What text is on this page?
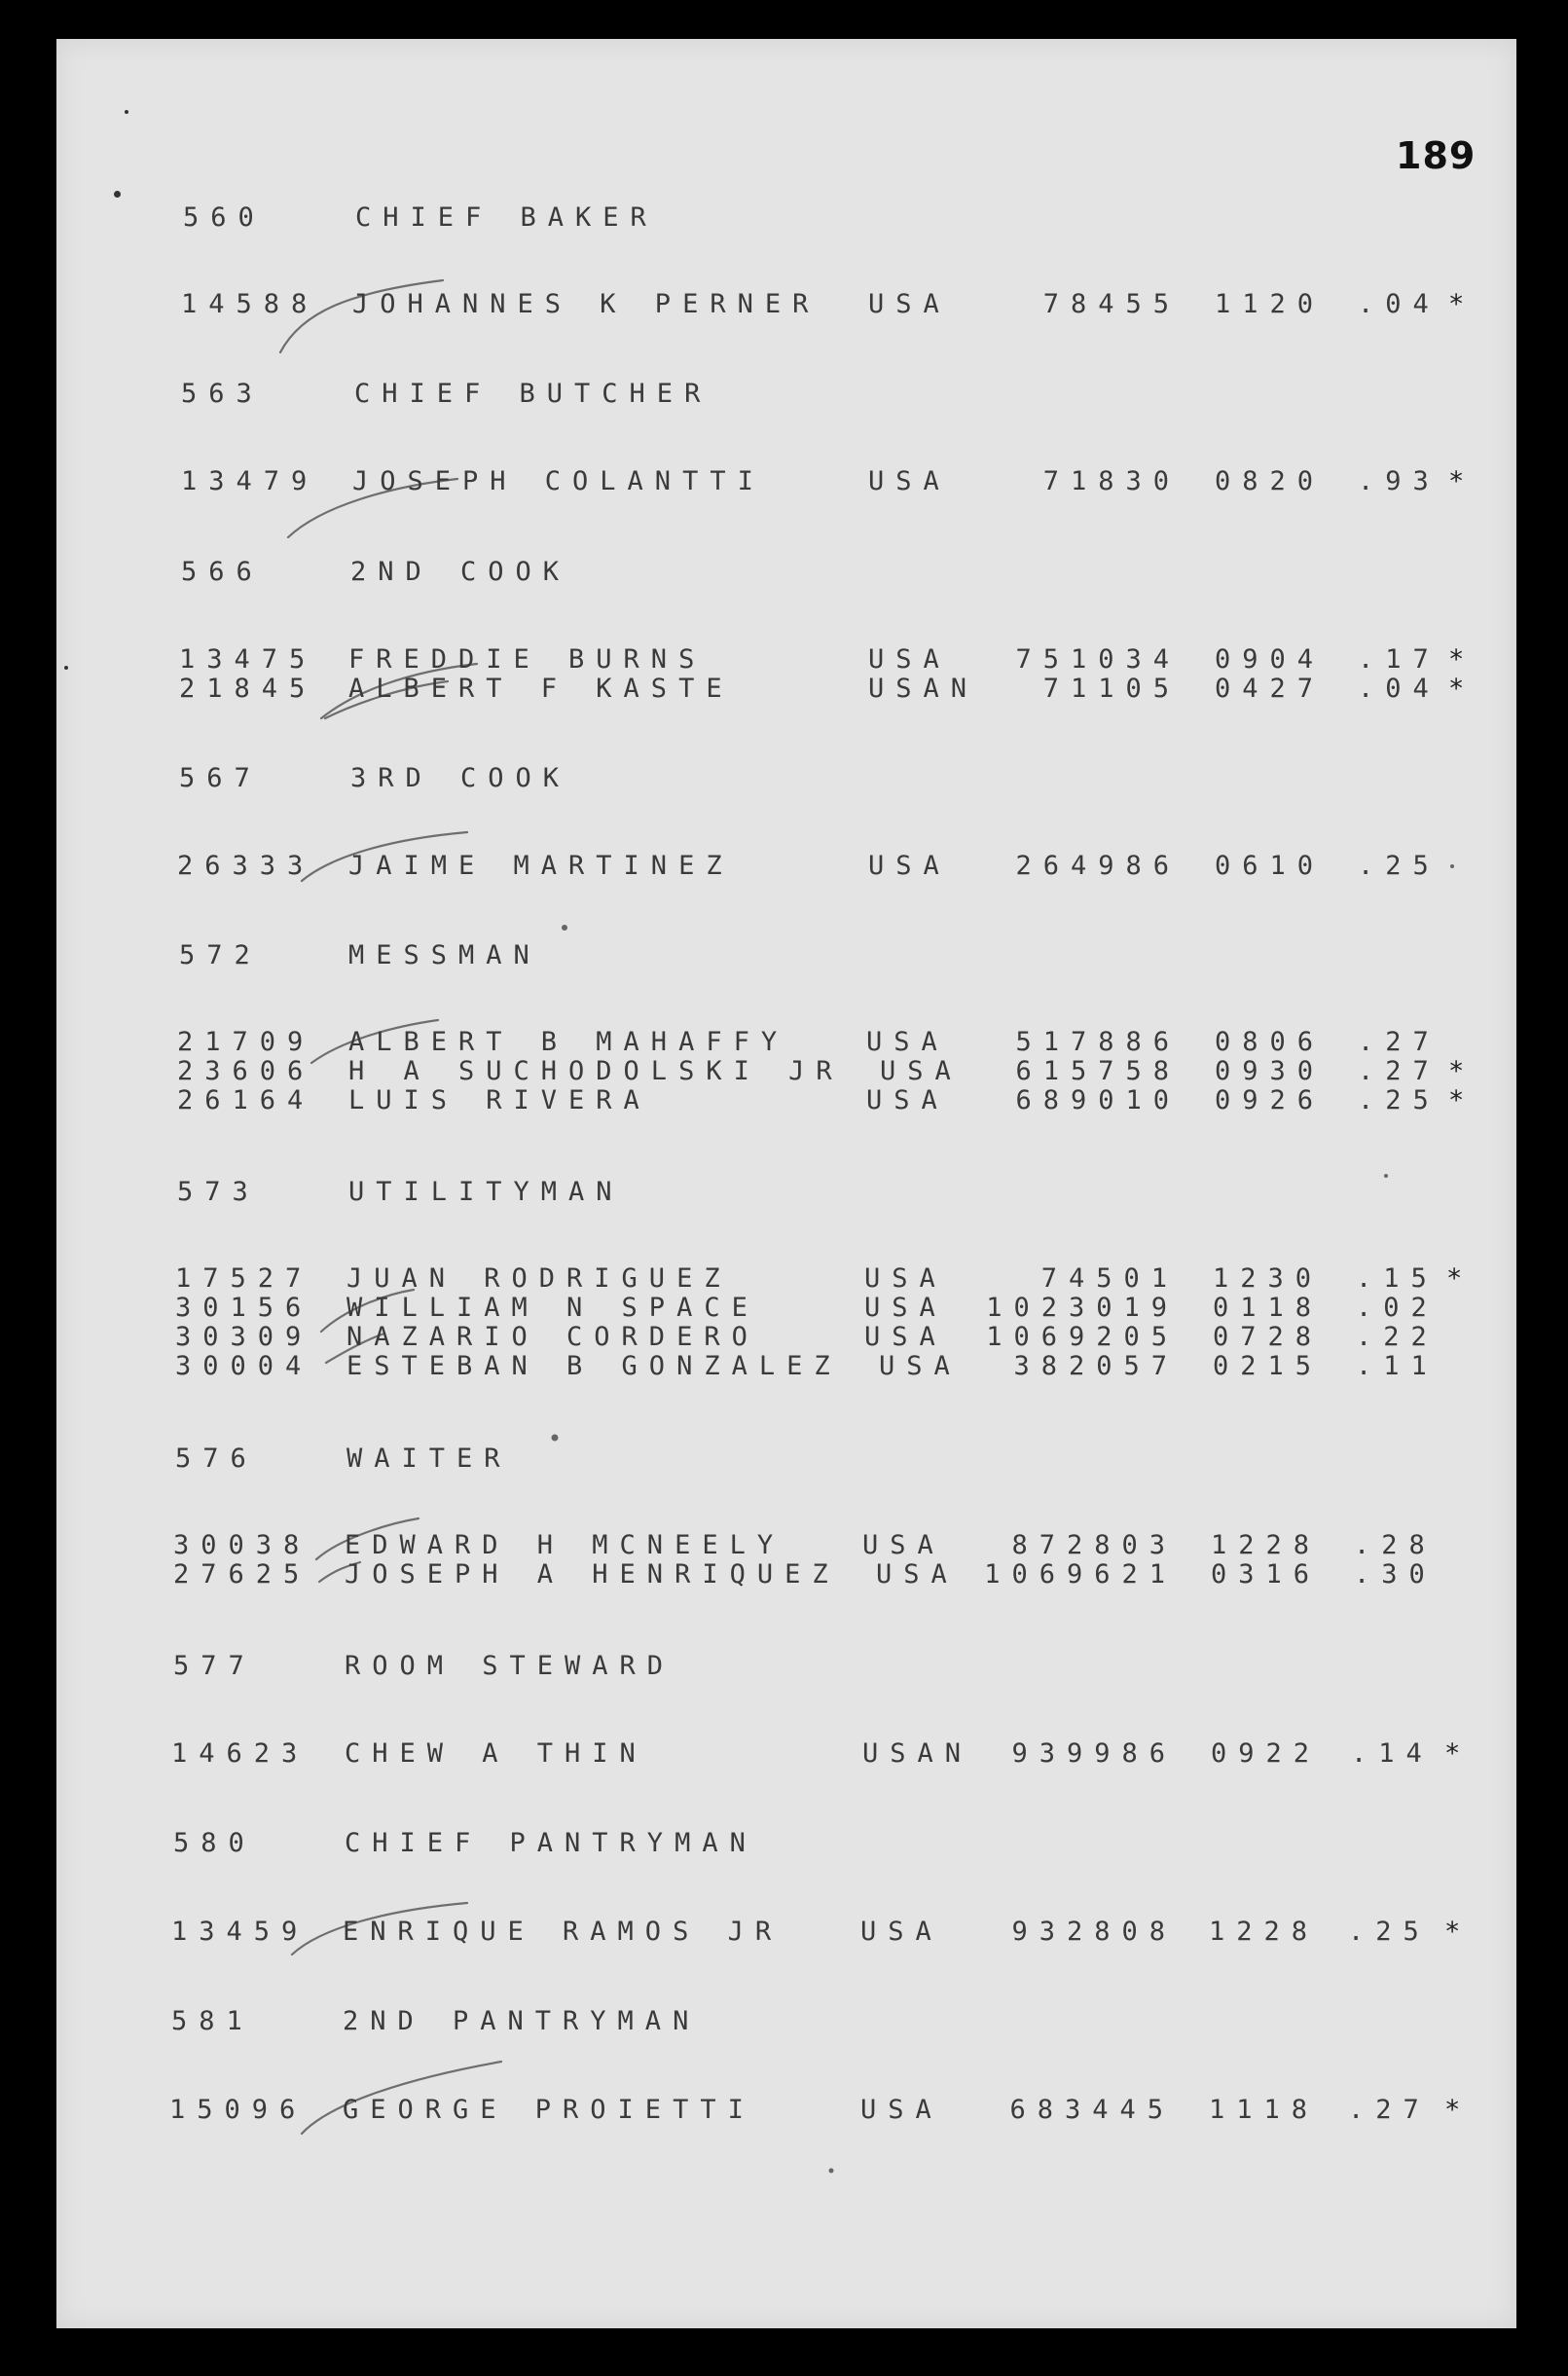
189
560	CHIEF BAKER
14588 JOHANNES K PERNER USA	78455 1120 .04 *
563	CHIEF BUTCHER
13479 JOSEPH COLANTTI	USA	71830 0820 .93 *
566	2ND COOK
13475 FREDDIE BURNS	USA 751034 0904 .17 *
21845 ALBERT F KASTE	USAN 71105 0427 .04 *
567	3RD COOK
26333 JAIME MARTINEZ	USA 264986 0610 .25
572	MESSMAN
21709 ALBERT B MAHAFFY	USA	517886 0806 .27
23606 H A SUCHODOLSKI JR USA 615758 0930 .27 *
26164 LUIS RIVERA	USA	689010 0926 .25 *
573	UTILITYMAN
17527 JUAN RODRIGUEZ	USA	74501 1230 .15 *
30156 WILLIAM N SPACE	USA 1023019 0118 .02
30309 NAZARIO CORDERO	USA 1069205 0728 .22
30004 ESTEBAN B GONZALEZ USA 382057 0215 .11
576	WAITER
30038 EDWARD H MCNEELY	USA	872803 1228 .28
27625 JOSEPH A HENRIQUEZ USA 1069621 0316 .30
577	ROOM STEWARD
14623 CHEW A THIN	USAN 939986 0922 .14 *
580	CHIEF PANTRYMAN
13459 ENRIQUE RAMOS JR	USA	932808 1228 .25 *
581	2ND PANTRYMAN
15096 GEORGE PROIETTI	USA	683445 1118 .27 *
